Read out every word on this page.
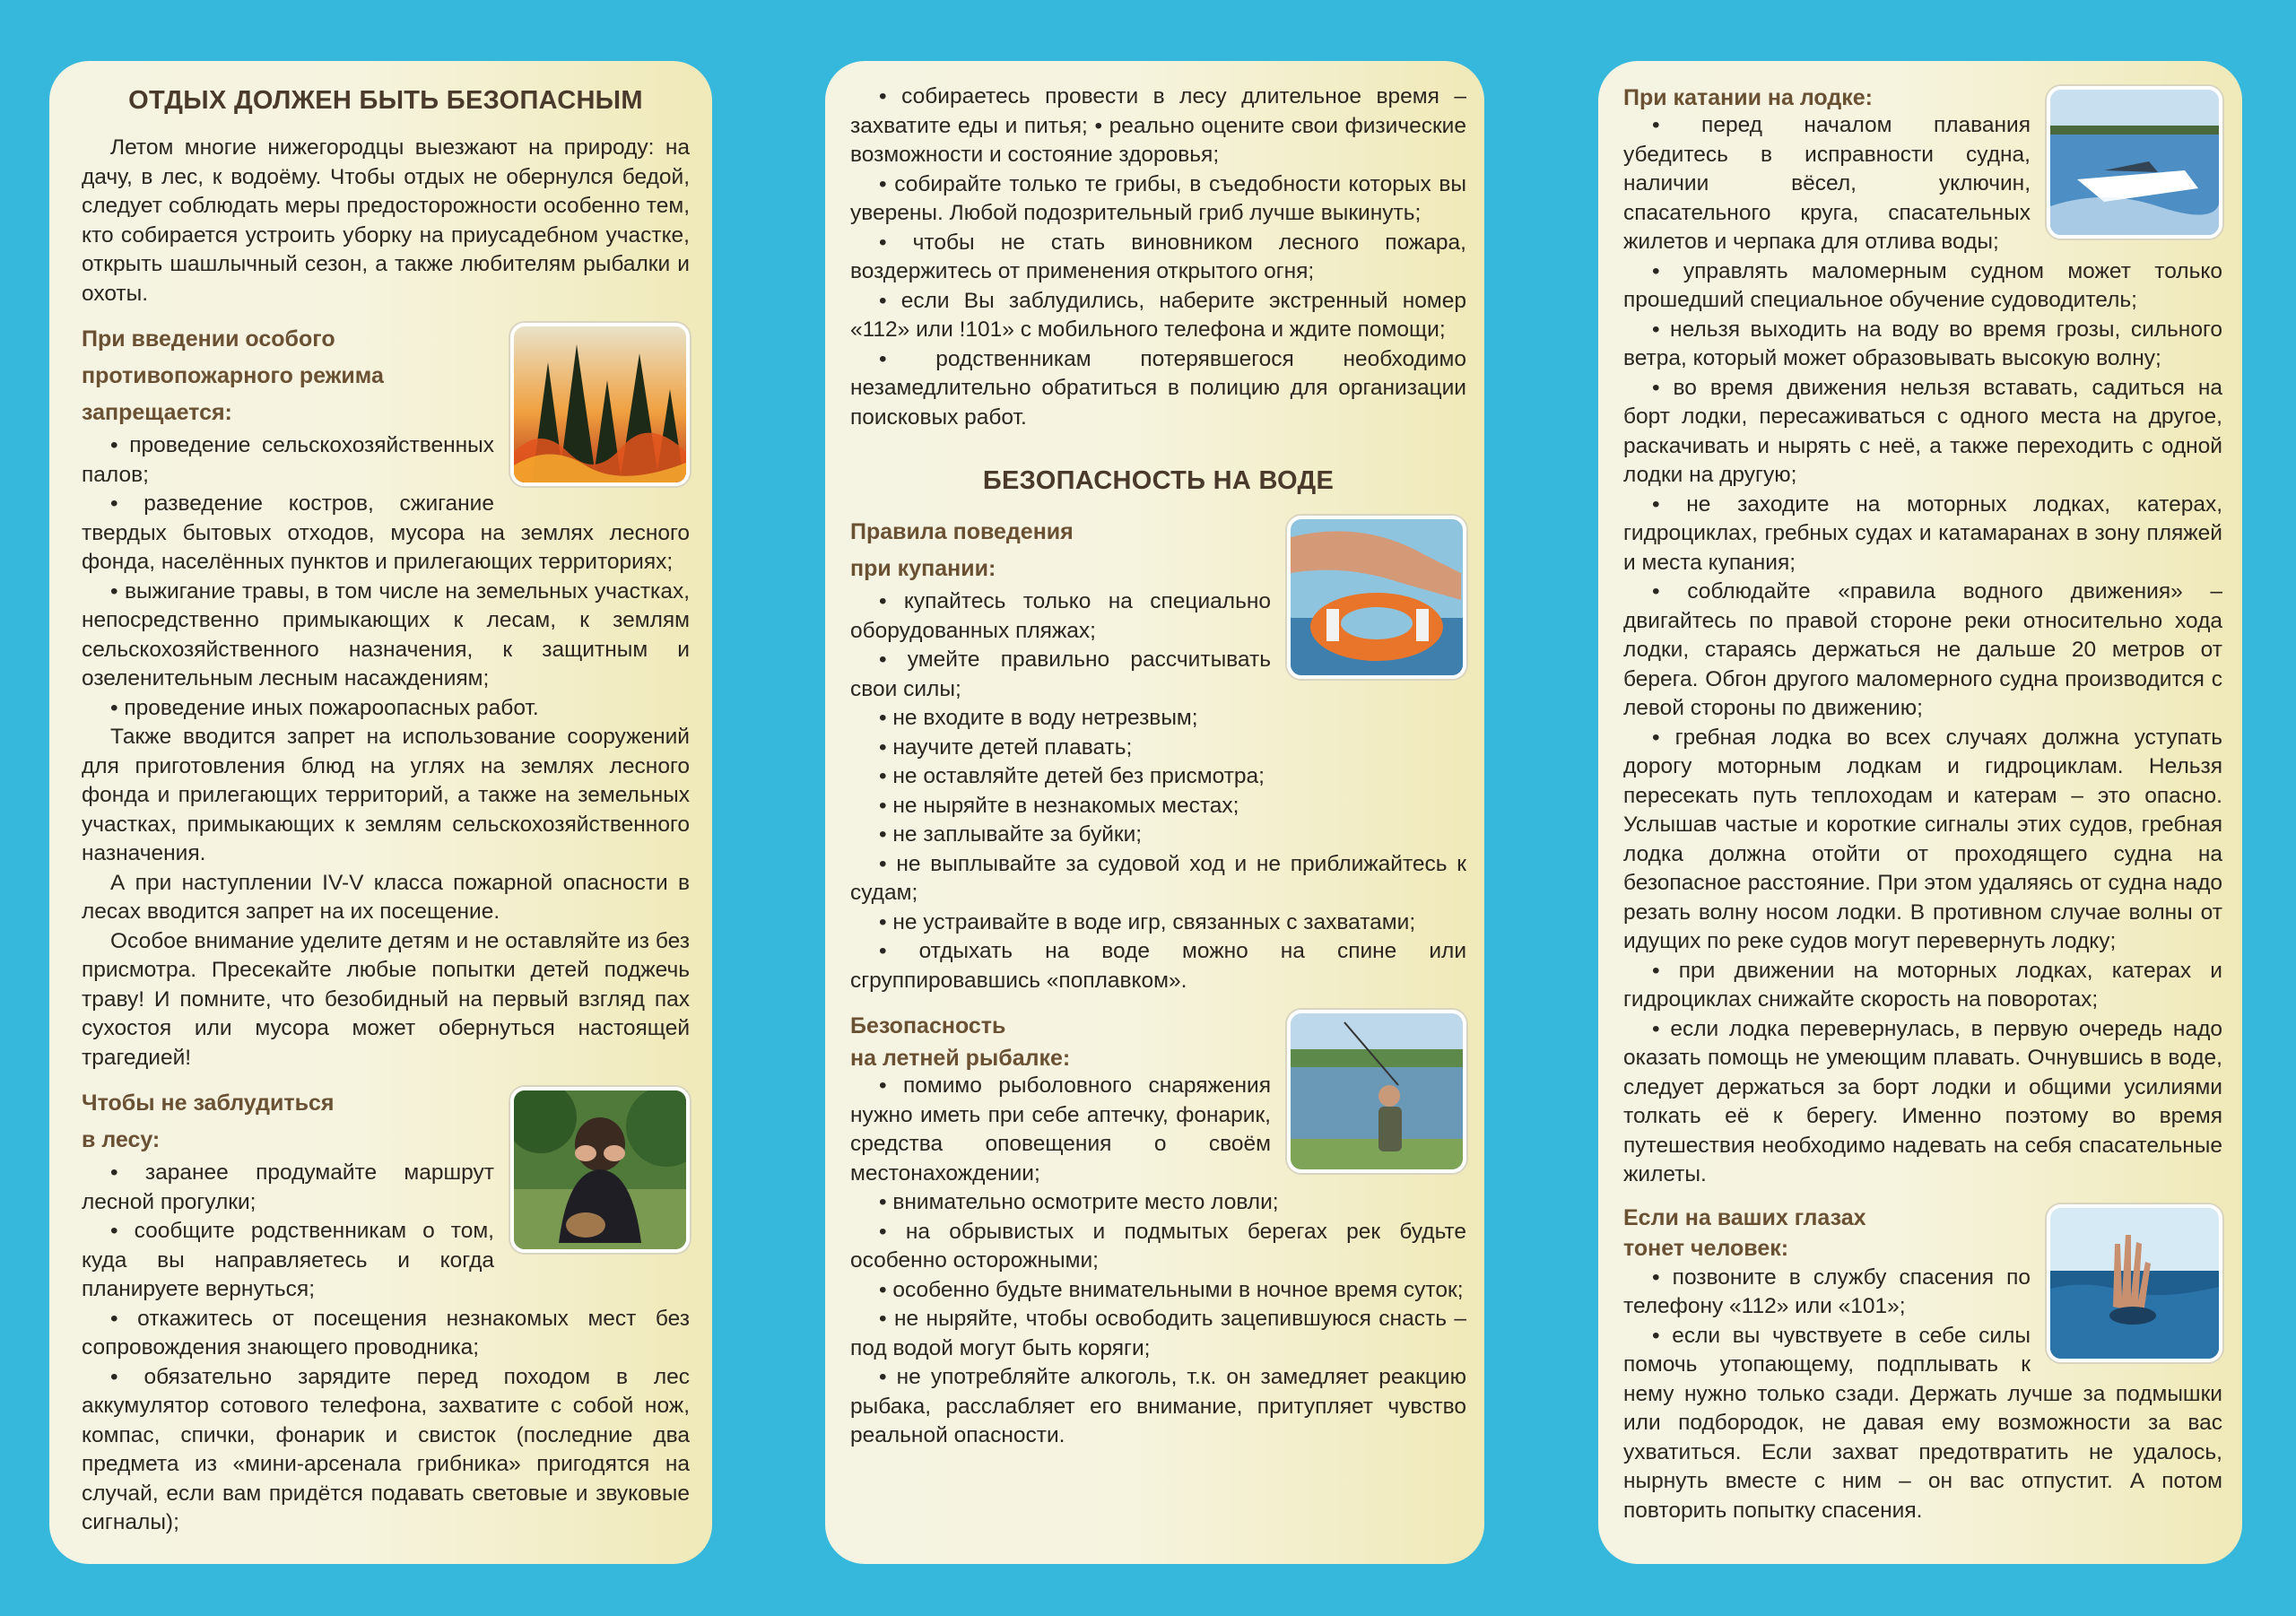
ОТДЫХ ДОЛЖЕН БЫТЬ БЕЗОПАСНЫМ

Летом многие нижегородцы выезжают на природу: на дачу, в лес, к водоёму. Чтобы отдых не обернулся бедой, следует соблюдать меры предосторожности особенно тем, кто собирается устроить уборку на приусадебном участке, открыть шашлычный сезон, а также любителям рыбалки и охоты.

При введении особого
противопожарного режима
запрещается:

• проведение сельскохозяйственных палов;

• разведение костров, сжигание твердых бытовых отходов, мусора на землях лесного фонда, населённых пунктов и прилегающих территориях;

• выжигание травы, в том числе на земельных участках, непосредственно примыкающих к лесам, к землям сельскохозяйственного назначения, к защитным и озеленительным лесным насаждениям;

• проведение иных пожароопасных работ.

Также вводится запрет на использование сооружений для приготовления блюд на углях на землях лесного фонда и прилегающих территорий, а также на земельных участках, примыкающих к землям сельскохозяйственного назначения.

А при наступлении IV-V класса пожарной опасности в лесах вводится запрет на их посещение.

Особое внимание уделите детям и не оставляйте из без присмотра. Пресекайте любые попытки детей поджечь траву! И помните, что безобидный на первый взгляд пах сухостоя или мусора может обернуться настоящей трагедией!

Чтобы не заблудиться
в лесу:

• заранее продумайте маршрут лесной прогулки;

• сообщите родственникам о том, куда вы направляетесь и когда планируете вернуться;

• откажитесь от посещения незнакомых мест без сопровождения знающего проводника;

• обязательно зарядите перед походом в лес аккумулятор сотового телефона, захватите с собой нож, компас, спички, фонарик и свисток (последние два предмета из «мини-арсенала грибника» пригодятся на случай, если вам придётся подавать световые и звуковые сигналы);

• собираетесь провести в лесу длительное время – захватите еды и питья; • реально оцените свои физические возможности и состояние здоровья;

• собирайте только те грибы, в съедобности которых вы уверены. Любой подозрительный гриб лучше выкинуть;

• чтобы не стать виновником лесного пожара, воздержитесь от применения открытого огня;

• если Вы заблудились, наберите экстренный номер «112» или !101» с мобильного телефона и ждите помощи;

• родственникам потерявшегося необходимо незамедлительно обратиться в полицию для организации поисковых работ.

БЕЗОПАСНОСТЬ НА ВОДЕ
Правила поведения
при купании:

• купайтесь только на специально оборудованных пляжах;

• умейте правильно рассчитывать свои силы;

• не входите в воду нетрезвым;

• научите детей плавать;

• не оставляйте детей без присмотра;

• не ныряйте в незнакомых местах;

• не заплывайте за буйки;

• не выплывайте за судовой ход и не приближайтесь к судам;

• не устраивайте в воде игр, связанных с захватами;

• отдыхать на воде можно на спине или сгруппировавшись «поплавком».

Безопасность
на летней рыбалке:

• помимо рыболовного снаряжения нужно иметь при себе аптечку, фонарик, средства оповещения о своём местонахождении;

• внимательно осмотрите место ловли;

• на обрывистых и подмытых берегах рек будьте особенно осторожными;

• особенно будьте внимательными в ночное время суток;

• не ныряйте, чтобы освободить зацепившуюся снасть – под водой могут быть коряги;

• не употребляйте алкоголь, т.к. он замедляет реакцию рыбака, расслабляет его внимание, притупляет чувство реальной опасности.

При катании на лодке:

• перед началом плавания убедитесь в исправности судна, наличии вёсел, уключин, спасательного круга, спасательных жилетов и черпака для отлива воды;

• управлять маломерным судном может только прошедший специальное обучение судоводитель;

• нельзя выходить на воду во время грозы, сильного ветра, который может образовывать высокую волну;

• во время движения нельзя вставать, садиться на борт лодки, пересаживаться с одного места на другое, раскачивать и нырять с неё, а также переходить с одной лодки на другую;

• не заходите на моторных лодках, катерах, гидроциклах, гребных судах и катамаранах в зону пляжей и места купания;

• соблюдайте «правила водного движения» – двигайтесь по правой стороне реки относительно хода лодки, стараясь держаться не дальше 20 метров от берега. Обгон другого маломерного судна производится с левой стороны по движению;

• гребная лодка во всех случаях должна уступать дорогу моторным лодкам и гидроциклам. Нельзя пересекать путь теплоходам и катерам – это опасно. Услышав частые и короткие сигналы этих судов, гребная лодка должна отойти от проходящего судна на безопасное расстояние. При этом удаляясь от судна надо резать волну носом лодки. В противном случае волны от идущих по реке судов могут перевернуть лодку;

• при движении на моторных лодках, катерах и гидроциклах снижайте скорость на поворотах;

• если лодка перевернулась, в первую очередь надо оказать помощь не умеющим плавать. Очнувшись в воде, следует держаться за борт лодки и общими усилиями толкать её к берегу. Именно поэтому во время путешествия необходимо надевать на себя спасательные жилеты.

Если на ваших глазах
тонет человек:

• позвоните в службу спасения по телефону «112» или «101»;

• если вы чувствуете в себе силы помочь утопающему, подплывать к нему нужно только сзади. Держать лучше за подмышки или подбородок, не давая ему возможности за вас ухватиться. Если захват предотвратить не удалось, нырнуть вместе с ним – он вас отпустит. А потом повторить попытку спасения.
